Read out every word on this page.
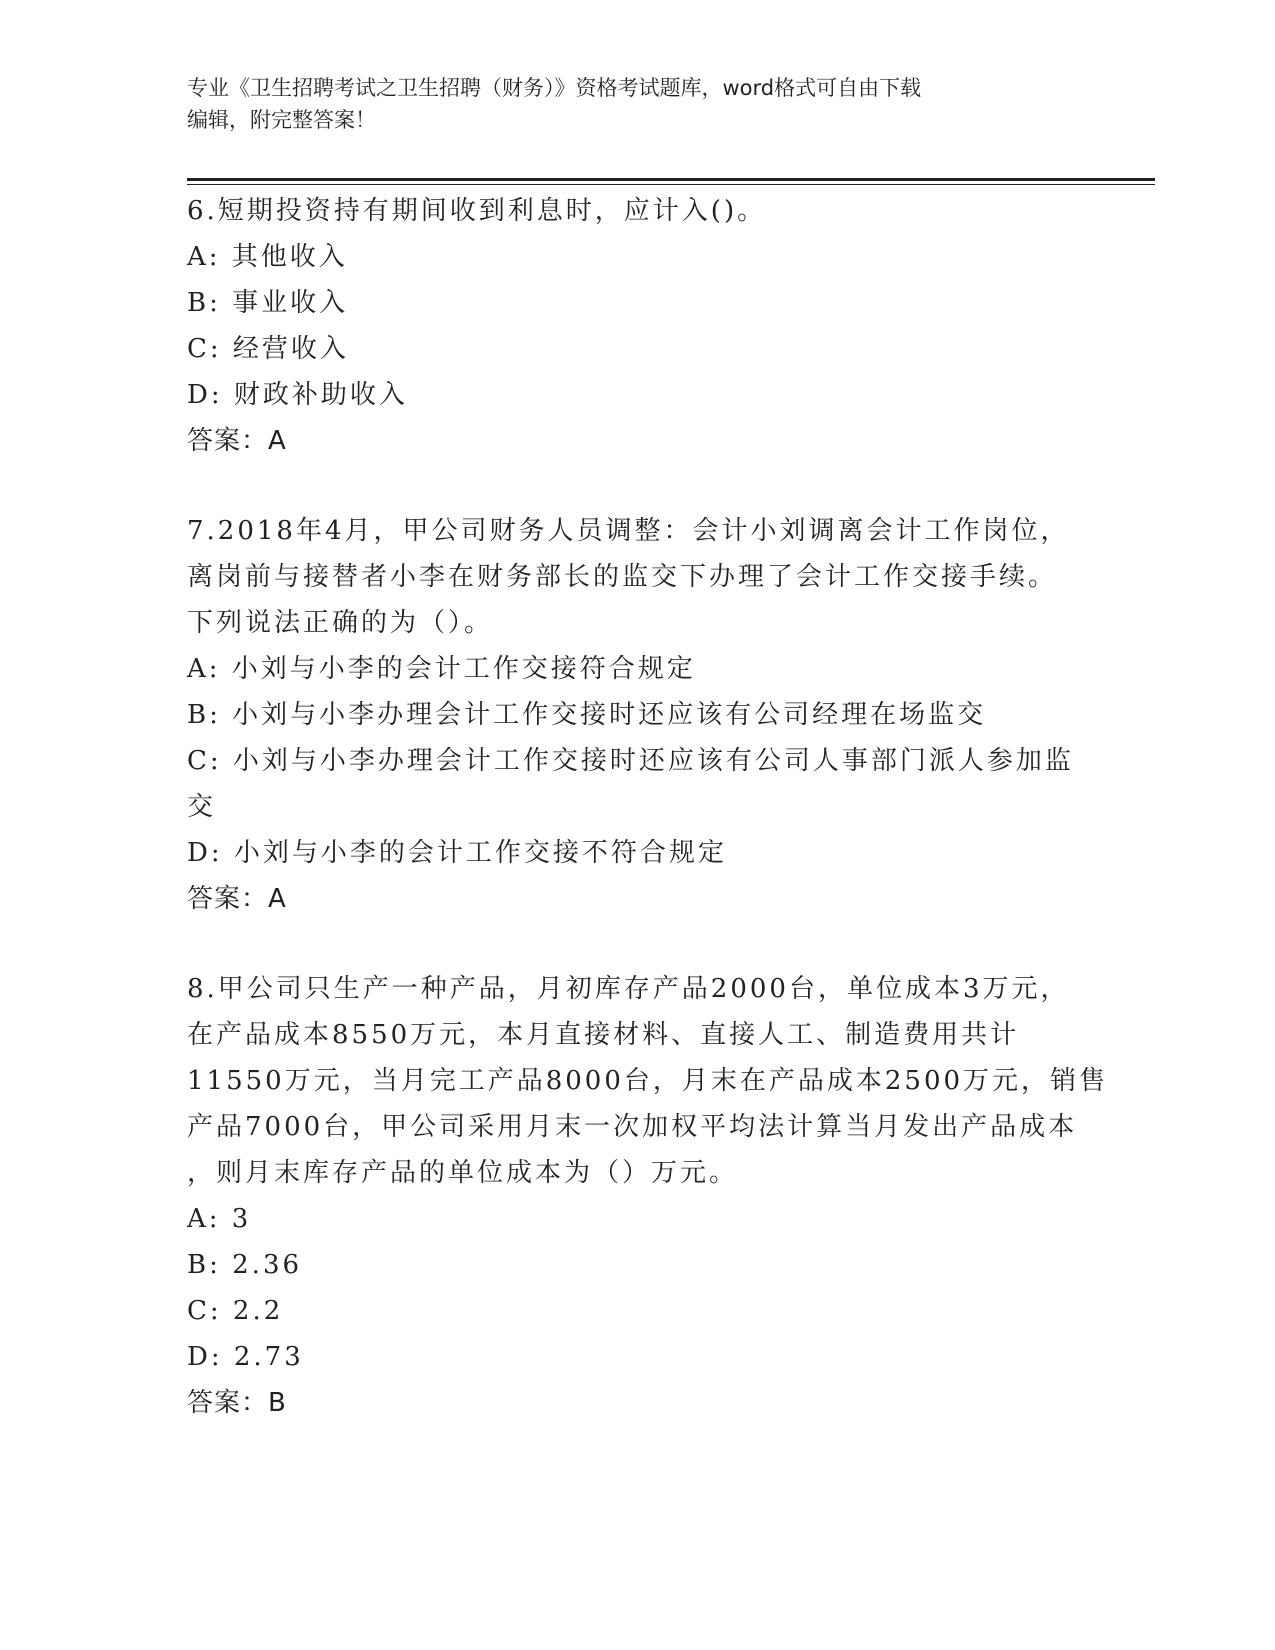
专业《卫生招聘考试之卫生招聘（财务）》资格考试题库，word格式可自由下载
编辑，附完整答案！
6.短期投资持有期间收到利息时，应计入()。
A: 其他收入
B: 事业收入
C: 经营收入
D: 财政补助收入
答案：A
7.2018年4月，甲公司财务人员调整：会计小刘调离会计工作岗位，
离岗前与接替者小李在财务部长的监交下办理了会计工作交接手续。
下列说法正确的为（）。
A: 小刘与小李的会计工作交接符合规定
B: 小刘与小李办理会计工作交接时还应该有公司经理在场监交
C: 小刘与小李办理会计工作交接时还应该有公司人事部门派人参加监
交
D: 小刘与小李的会计工作交接不符合规定
答案：A
8.甲公司只生产一种产品，月初库存产品2000台，单位成本3万元，
在产品成本8550万元，本月直接材料、直接人工、制造费用共计
11550万元，当月完工产品8000台，月末在产品成本2500万元，销售
产品7000台，甲公司采用月末一次加权平均法计算当月发出产品成本
，则月末库存产品的单位成本为（）万元。
A: 3
B: 2.36
C: 2.2
D: 2.73
答案：B
